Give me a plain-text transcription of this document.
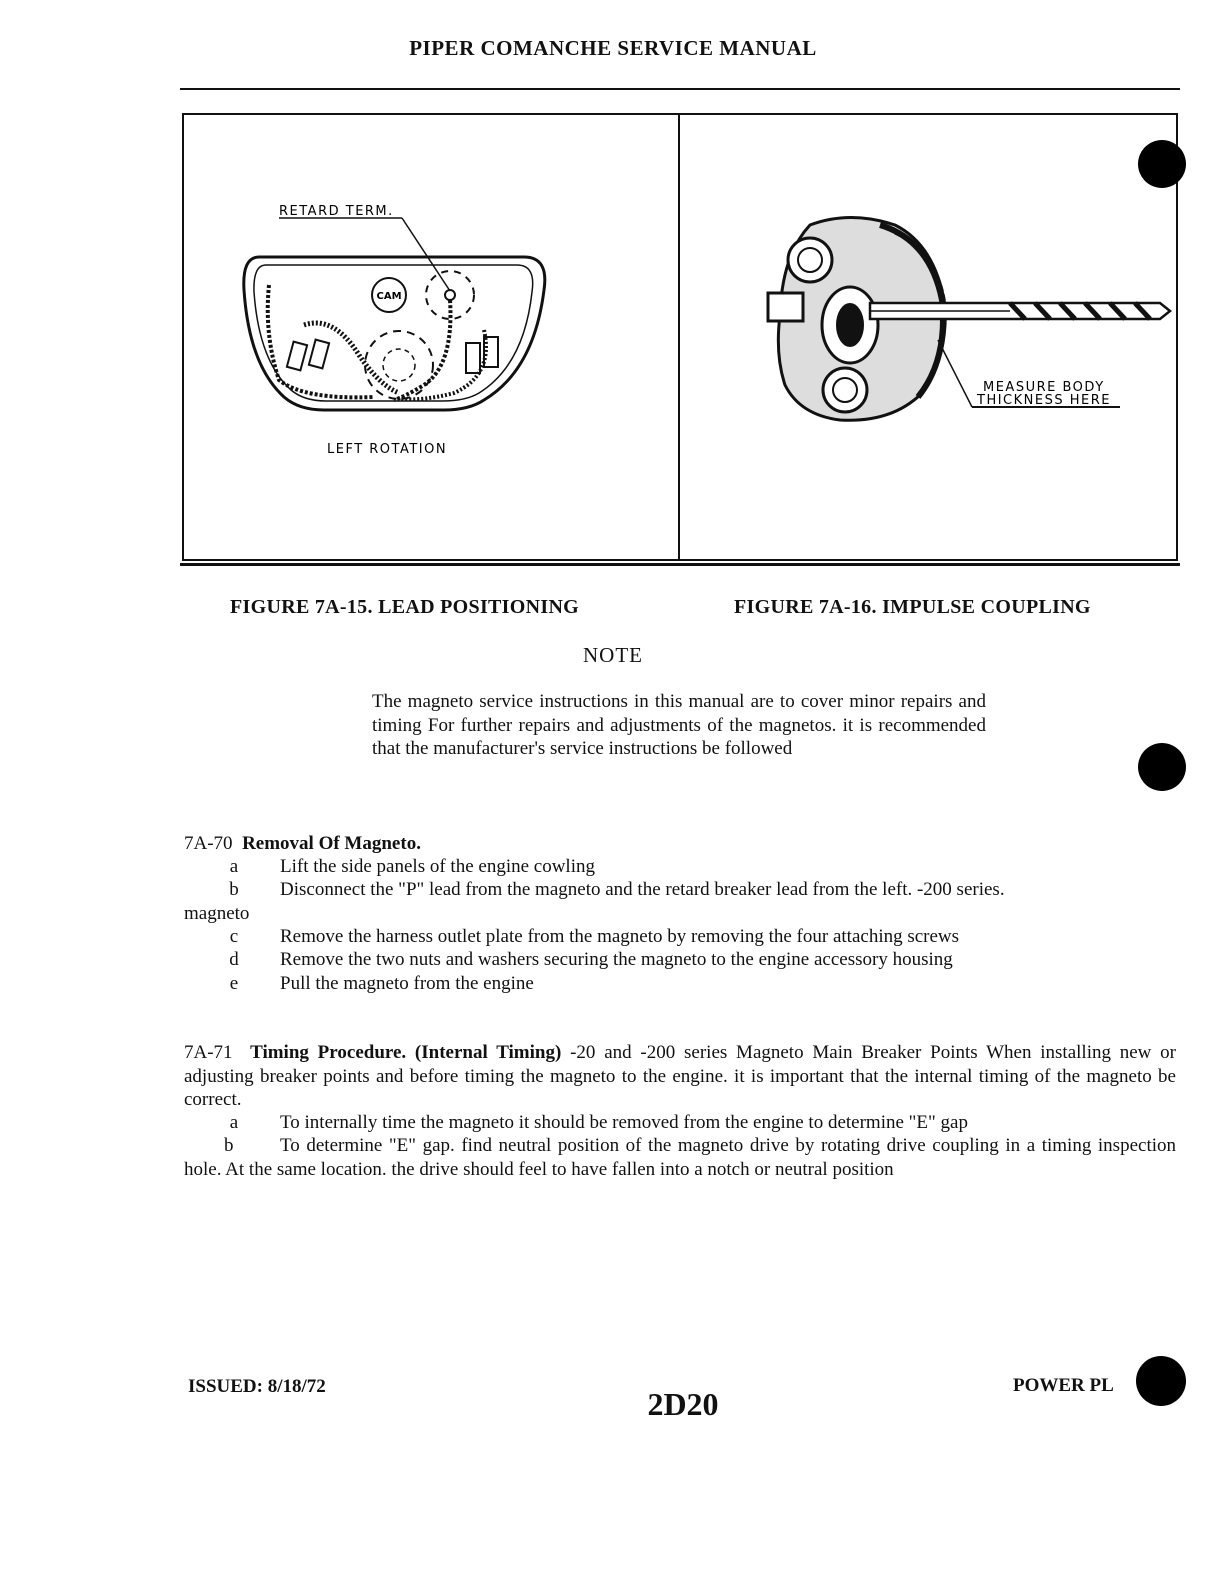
PIPER COMANCHE SERVICE MANUAL
RETARD TERM.
CAM
LEFT ROTATION
MEASURE BODY
THICKNESS HERE
FIGURE 7A-15. LEAD POSITIONING	FIGURE 7A-16. IMPULSE COUPLING
NOTE
The magneto service instructions in this manual are to cover minor repairs and timing For further repairs and adjustments of the magnetos. it is recommended that the manufacturer's service instructions be followed
7A-70 Removal Of Magneto.
a	Lift the side panels of the engine cowling
b Disconnect the "P" lead from the magneto and the retard breaker lead from the left. -200 series.
magneto
c	Remove the harness outlet plate from the magneto by removing the four attaching screws
d Remove the two nuts and washers securing the magneto to the engine accessory housing
e	Pull the magneto from the engine
7A-71 Timing Procedure. (Internal Timing) -20 and -200 series Magneto Main Breaker Points When installing new or adjusting breaker points and before timing the magneto to the engine. it is important that the internal timing of the magneto be correct.
a	To internally time the magneto it should be removed from the engine to determine "E" gap
b To determine "E" gap. find neutral position of the magneto drive by rotating drive coupling in a timing inspection hole. At the same location. the drive should feel to have fallen into a notch or neutral position
ISSUED: 8/18/72	2D20
POWER PL
